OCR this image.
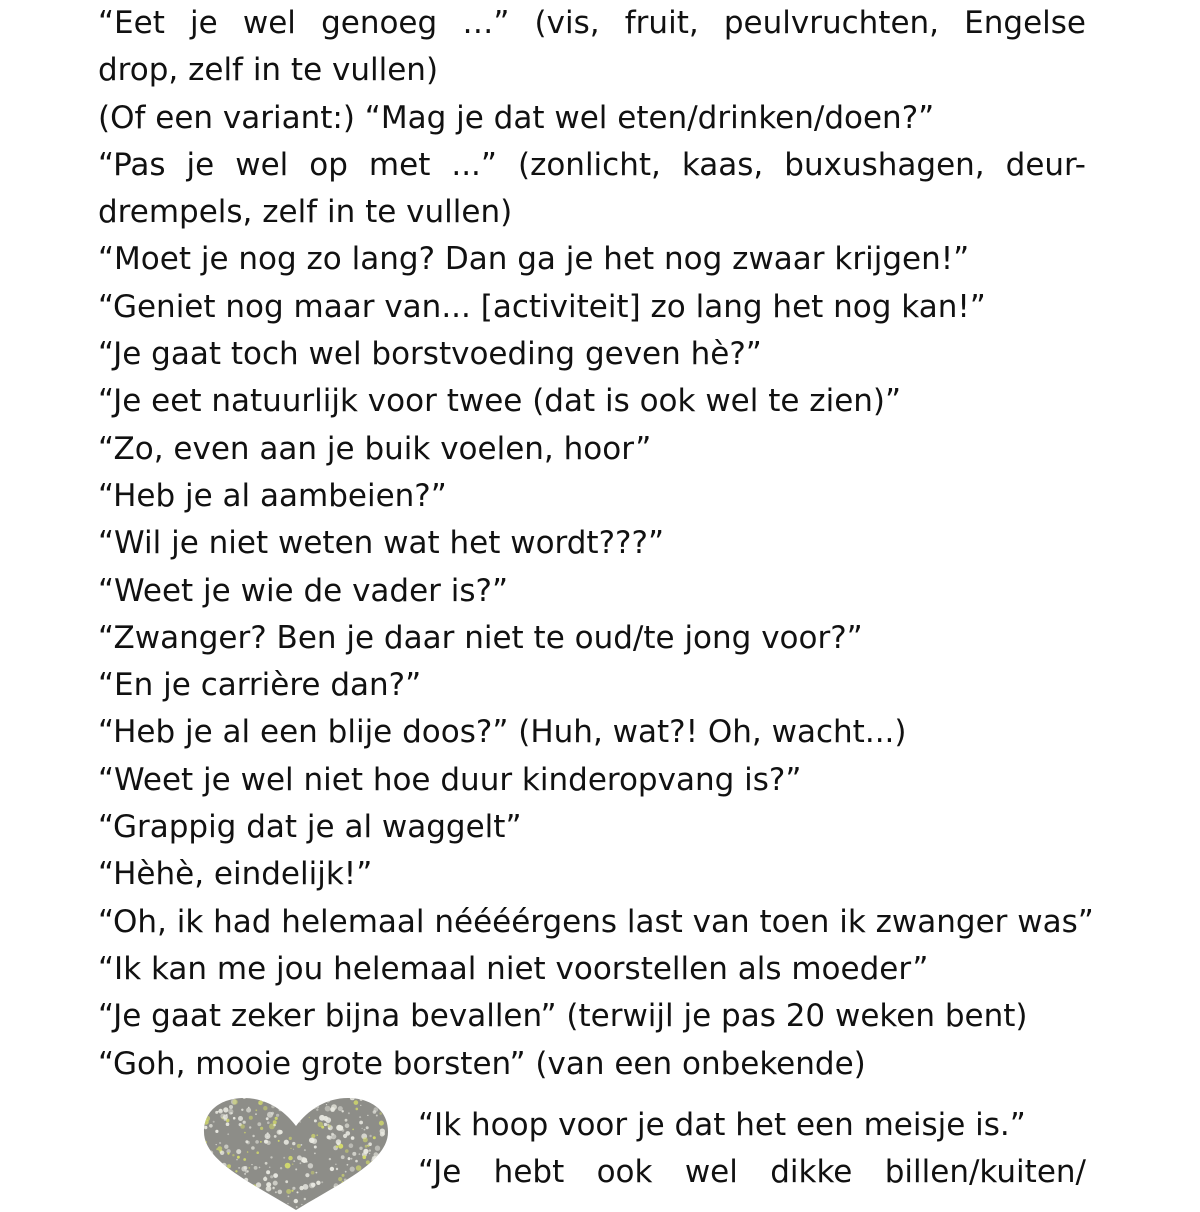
“Eet je wel genoeg …” (vis, fruit, peulvruchten, Engelse
drop, zelf in te vullen)
(Of een variant:) “Mag je dat wel eten/drinken/doen?”
“Pas je wel op met ...” (zonlicht, kaas, buxushagen, deur-
drempels, zelf in te vullen)
“Moet je nog zo lang? Dan ga je het nog zwaar krijgen!”
“Geniet nog maar van... [activiteit] zo lang het nog kan!”
“Je gaat toch wel borstvoeding geven hè?”
“Je eet natuurlijk voor twee (dat is ook wel te zien)”
“Zo, even aan je buik voelen, hoor”
“Heb je al aambeien?”
“Wil je niet weten wat het wordt???”
“Weet je wie de vader is?”
“Zwanger? Ben je daar niet te oud/te jong voor?”
“En je carrière dan?”
“Heb je al een blije doos?” (Huh, wat?! Oh, wacht...)
“Weet je wel niet hoe duur kinderopvang is?”
“Grappig dat je al waggelt”
“Hèhè, eindelijk!”
“Oh, ik had helemaal néééérgens last van toen ik zwanger was”
“Ik kan me jou helemaal niet voorstellen als moeder”
“Je gaat zeker bijna bevallen” (terwijl je pas 20 weken bent)
“Goh, mooie grote borsten” (van een onbekende)
“Ik hoop voor je dat het een meisje is.”
“Je hebt ook wel dikke billen/kuiten/
